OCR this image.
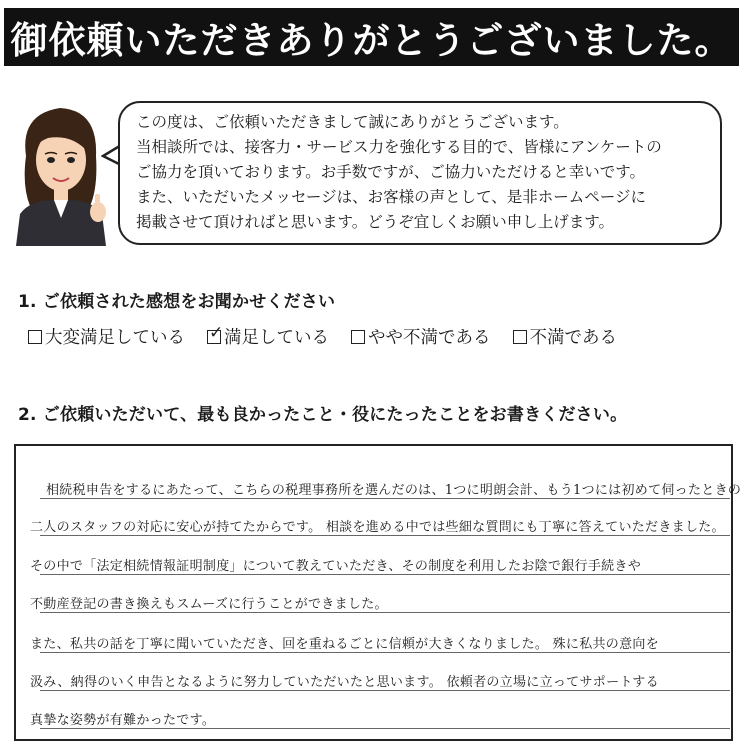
御依頼いただきありがとうございました。
この度は、ご依頼いただきまして誠にありがとうございます。
当相談所では、接客力・サービス力を強化する目的で、皆様にアンケートの
ご協力を頂いております。お手数ですが、ご協力いただけると幸いです。
また、いただいたメッセージは、お客様の声として、是非ホームページに
掲載させて頂ければと思います。どうぞ宜しくお願い申し上げます。
1. ご依頼された感想をお聞かせください
大変満足している ✓ 満足している やや不満である 不満である
2. ご依頼いただいて、最も良かったこと・役にたったことをお書きください。
相続税申告をするにあたって、こちらの税理事務所を選んだのは、1つに明朗会計、もう1つには初めて伺ったときの
二人のスタッフの対応に安心が持てたからです。 相談を進める中では些細な質問にも丁寧に答えていただきました。
その中で「法定相続情報証明制度」について教えていただき、その制度を利用したお陰で銀行手続きや
不動産登記の書き換えもスムーズに行うことができました。
また、私共の話を丁寧に聞いていただき、回を重ねるごとに信頼が大きくなりました。 殊に私共の意向を
汲み、納得のいく申告となるように努力していただいたと思います。 依頼者の立場に立ってサポートする
真摯な姿勢が有難かったです。
